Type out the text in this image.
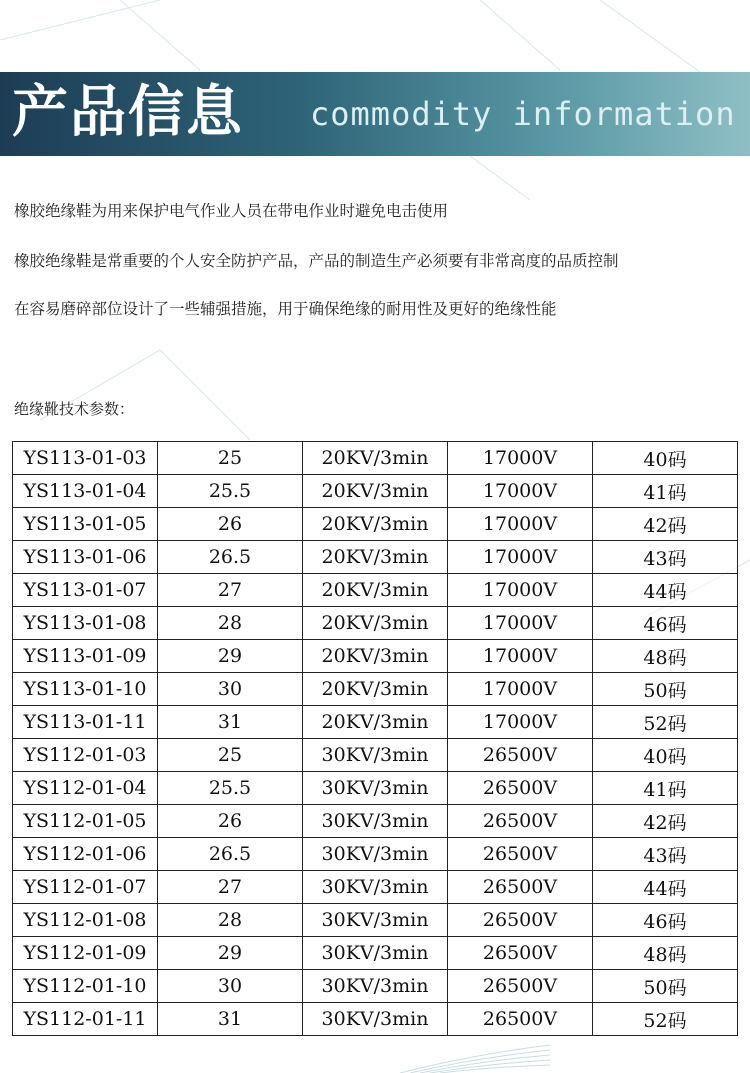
产品信息 commodity information
橡胶绝缘鞋为用来保护电气作业人员在带电作业时避免电击使用
橡胶绝缘鞋是常重要的个人安全防护产品，产品的制造生产必须要有非常高度的品质控制
在容易磨碎部位设计了一些辅强措施，用于确保绝缘的耐用性及更好的绝缘性能
绝缘靴技术参数：
YS113-01-03	25	20KV/3min	17000V	40码
YS113-01-04	25.5	20KV/3min	17000V	41码
YS113-01-05	26	20KV/3min	17000V	42码
YS113-01-06	26.5	20KV/3min	17000V	43码
YS113-01-07	27	20KV/3min	17000V	44码
YS113-01-08	28	20KV/3min	17000V	46码
YS113-01-09	29	20KV/3min	17000V	48码
YS113-01-10	30	20KV/3min	17000V	50码
YS113-01-11	31	20KV/3min	17000V	52码
YS112-01-03	25	30KV/3min	26500V	40码
YS112-01-04	25.5	30KV/3min	26500V	41码
YS112-01-05	26	30KV/3min	26500V	42码
YS112-01-06	26.5	30KV/3min	26500V	43码
YS112-01-07	27	30KV/3min	26500V	44码
YS112-01-08	28	30KV/3min	26500V	46码
YS112-01-09	29	30KV/3min	26500V	48码
YS112-01-10	30	30KV/3min	26500V	50码
YS112-01-11	31	30KV/3min	26500V	52码
